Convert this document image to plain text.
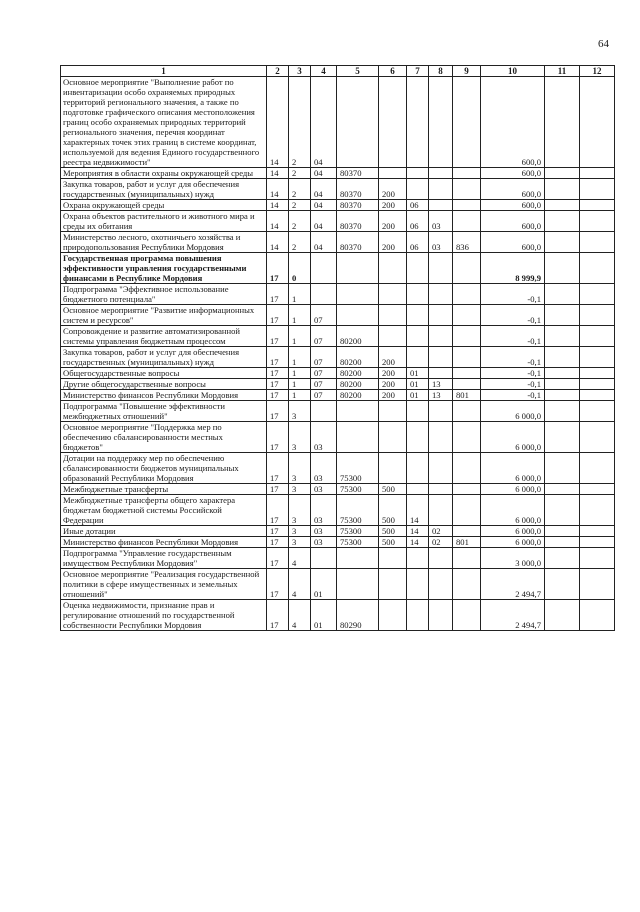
64
1	2	3	4	5	6	7	8	9	10	11	12
Основное мероприятие "Выполнение работ по инвентаризации особо охраняемых природных территорий регионального значения, а также по подготовке графического описания местоположения границ особо охраняемых природных территорий регионального значения, перечня координат характерных точек этих границ в системе координат, используемой для ведения Единого государственного реестра недвижимости"	14	2	04						600,0		
Мероприятия в области охраны окружающей среды	14	2	04	80370					600,0		
Закупка товаров, работ и услуг для обеспечения государственных (муниципальных) нужд	14	2	04	80370	200				600,0		
Охрана окружающей среды	14	2	04	80370	200	06			600,0		
Охрана объектов растительного и животного мира и среды их обитания	14	2	04	80370	200	06	03		600,0		
Министерство лесного, охотничьего хозяйства и природопользования Республики Мордовия	14	2	04	80370	200	06	03	836	600,0		
Государственная программа повышения эффективности управления государственными финансами в Республике Мордовия	17	0							8 999,9		
Подпрограмма "Эффективное использование бюджетного потенциала"	17	1							-0,1		
Основное мероприятие "Развитие информационных систем и ресурсов"	17	1	07						-0,1		
Сопровождение и развитие автоматизированной системы управления бюджетным процессом	17	1	07	80200					-0,1		
Закупка товаров, работ и услуг для обеспечения государственных (муниципальных) нужд	17	1	07	80200	200				-0,1		
Общегосударственные вопросы	17	1	07	80200	200	01			-0,1		
Другие общегосударственные вопросы	17	1	07	80200	200	01	13		-0,1		
Министерство финансов Республики Мордовия	17	1	07	80200	200	01	13	801	-0,1		
Подпрограмма "Повышение эффективности межбюджетных отношений"	17	3							6 000,0		
Основное мероприятие "Поддержка мер по обеспечению сбалансированности местных бюджетов"	17	3	03						6 000,0		
Дотации на поддержку мер по обеспечению сбалансированности бюджетов муниципальных образований Республики Мордовия	17	3	03	75300					6 000,0		
Межбюджетные трансферты	17	3	03	75300	500				6 000,0		
Межбюджетные трансферты общего характера бюджетам бюджетной системы Российской Федерации	17	3	03	75300	500	14			6 000,0		
Иные дотации	17	3	03	75300	500	14	02		6 000,0		
Министерство финансов Республики Мордовия	17	3	03	75300	500	14	02	801	6 000,0		
Подпрограмма "Управление государственным имуществом Республики Мордовия"	17	4							3 000,0		
Основное мероприятие "Реализация государственной политики в сфере имущественных и земельных отношений"	17	4	01						2 494,7		
Оценка недвижимости, признание прав и регулирование отношений по государственной собственности Республики Мордовия	17	4	01	80290					2 494,7		
